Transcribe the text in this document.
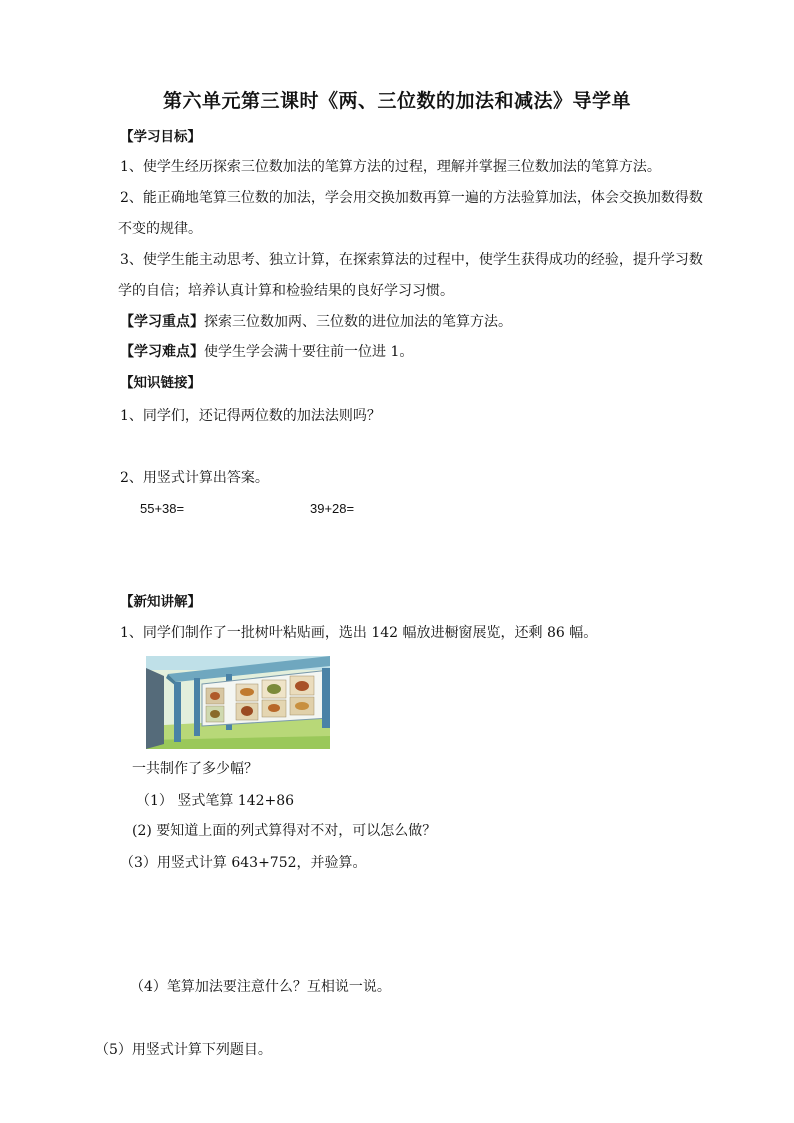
第六单元第三课时《两、三位数的加法和减法》导学单
【学习目标】
1、使学生经历探索三位数加法的笔算方法的过程，理解并掌握三位数加法的笔算方法。
2、能正确地笔算三位数的加法，学会用交换加数再算一遍的方法验算加法，体会交换加数得数
不变的规律。
3、使学生能主动思考、独立计算，在探索算法的过程中，使学生获得成功的经验，提升学习数
学的自信；培养认真计算和检验结果的良好学习习惯。
【学习重点】探索三位数加两、三位数的进位加法的笔算方法。
【学习难点】使学生学会满十要往前一位进 1。
【知识链接】
1、同学们，还记得两位数的加法法则吗？
2、用竖式计算出答案。
55+38=	39+28=
【新知讲解】
1、同学们制作了一批树叶粘贴画，选出 142 幅放进橱窗展览，还剩 86 幅。
一共制作了多少幅？
（1） 竖式笔算 142+86
(2) 要知道上面的列式算得对不对，可以怎么做？
（3）用竖式计算 643+752，并验算。
（4）笔算加法要注意什么？互相说一说。
（5）用竖式计算下列题目。
